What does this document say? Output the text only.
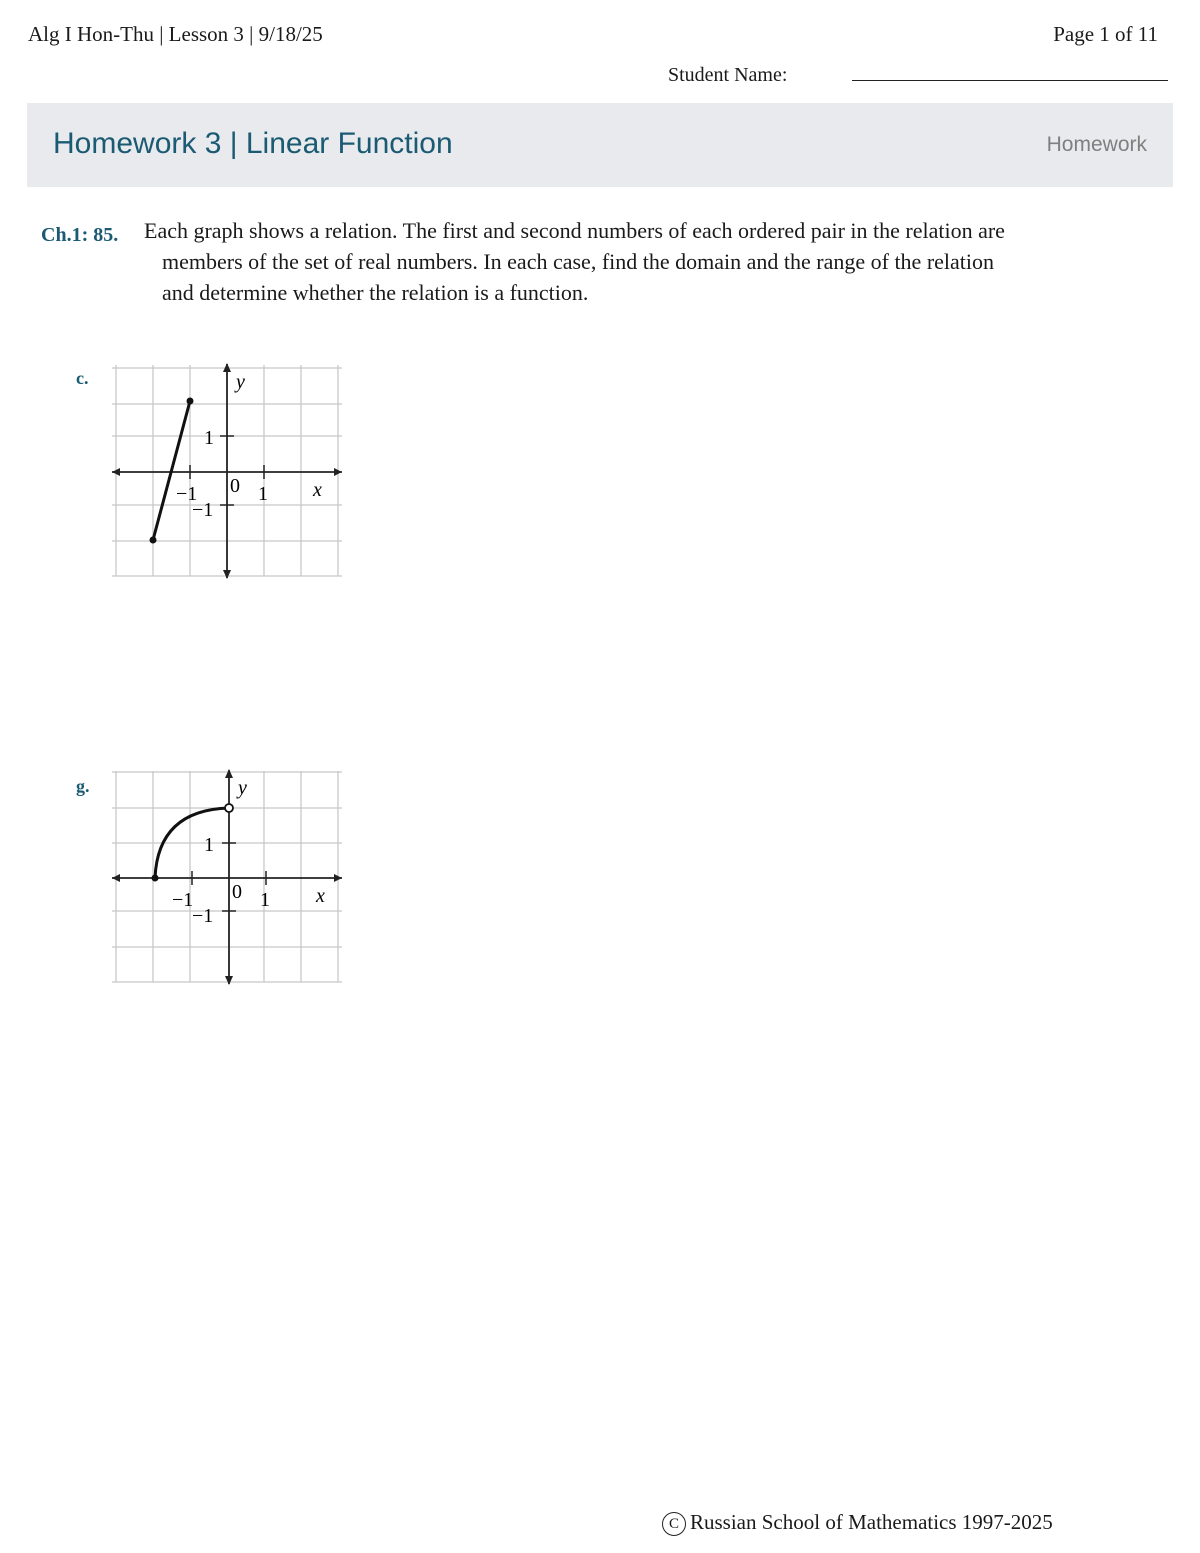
Alg I Hon-Thu | Lesson 3 | 9/18/25	Page 1 of 11
Student Name:
Homework 3 | Linear Function	Homework
Ch.1: 85. Each graph shows a relation. The first and second numbers of each ordered pair in the relation are
members of the set of real numbers. In each case, find the domain and the range of the relation
and determine whether the relation is a function.
c.
−1	1
1
−1
0	x
y
g.
−1	1
1
−1
0	x
y
C Russian School of Mathematics 1997-2025
